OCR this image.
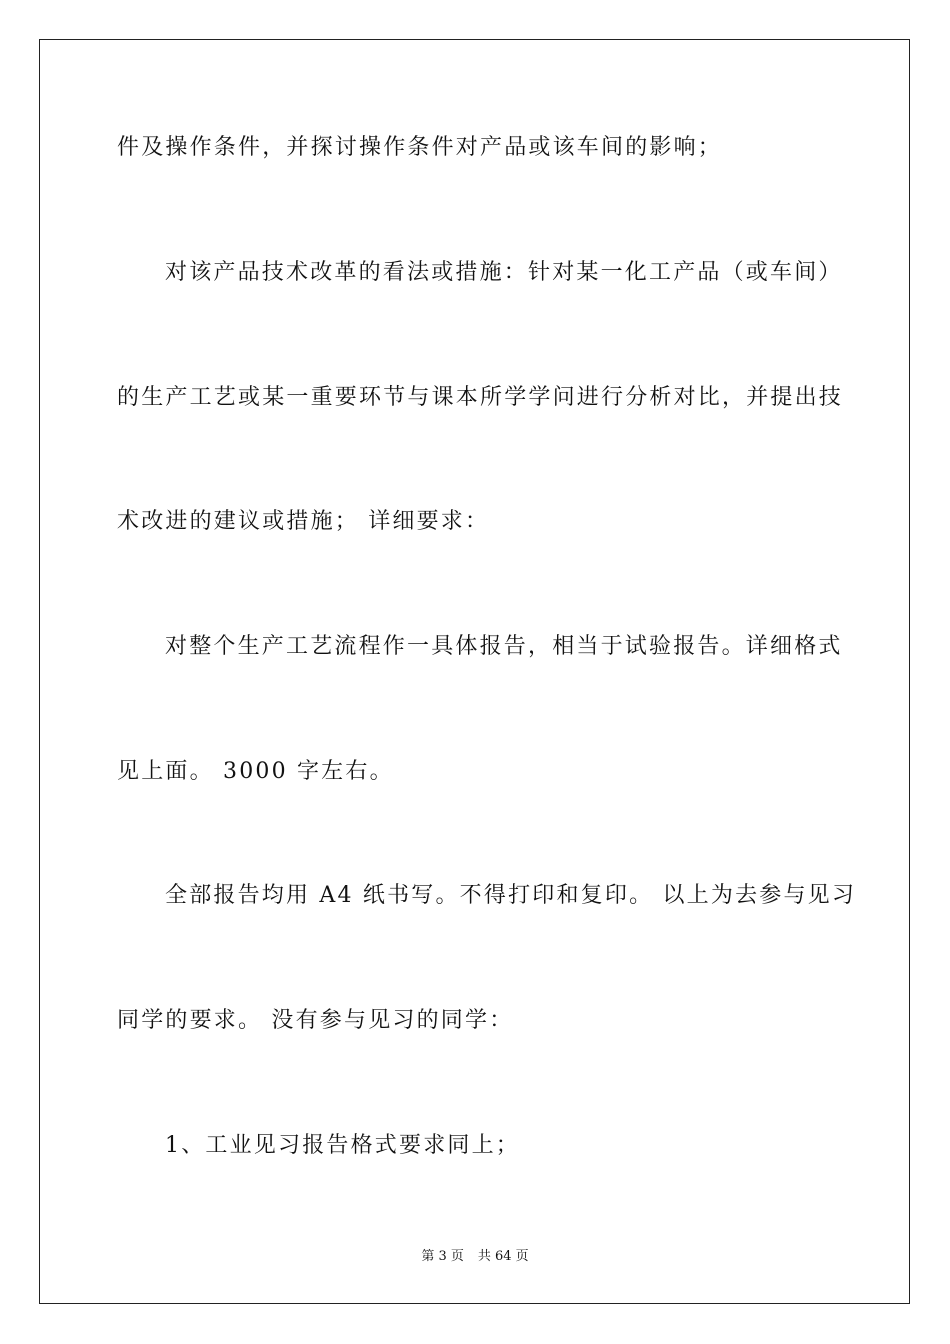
件及操作条件，并探讨操作条件对产品或该车间的影响；
对该产品技术改革的看法或措施：针对某一化工产品（或车间）
的生产工艺或某一重要环节与课本所学学问进行分析对比，并提出技
术改进的建议或措施； 详细要求：
对整个生产工艺流程作一具体报告，相当于试验报告。详细格式
见上面。 3000 字左右。
全部报告均用 A4 纸书写。不得打印和复印。 以上为去参与见习
同学的要求。 没有参与见习的同学：
1、工业见习报告格式要求同上；
第 3 页 共 64 页
